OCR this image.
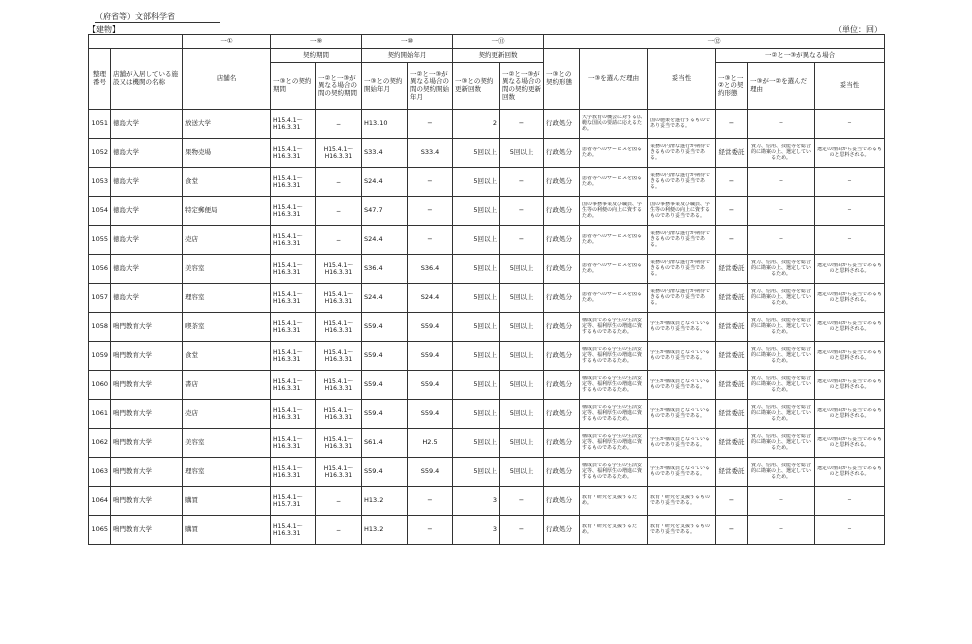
（府省等）文部科学省
【建物】	（単位：回）
		一①	一⑨		一⑩		一⑪		一⑫					
整理番号	店舗が入居している施設又は機関の名称	店舗名	契約期間		契約開始年月		契約更新回数		一③との契約形態	一③を選んだ理由	妥当性	一②と一③が異なる場合		
			一③との契約期間	一②と一③が異なる場合の間の契約期間	一③との契約開始年月	一②と一③が異なる場合の間の契約開始年月	一③との契約更新回数	一②と一③が異なる場合の間の契約更新回数				一③と一②との契約形態	一③が一②を選んだ理由	妥当性
1051	徳島大学	放送大学	H15.4.1〜H16.3.31	−	H13.10	−	2	−	行政処分	大学教育の機会に対する広範な国民の要請に応えるため。	国の施策を遂行するものであり妥当である。	−	−	−

1052	徳島大学	果物売場	H15.4.1〜H16.3.31	H15.4.1〜H16.3.31	S33.4	S33.4	5回以上	5回以上	行政処分	患者等へのサービスを図るため。	業務の円滑な遂行が期待できるものであり妥当である。	経営委託	資力、信用、技能等を総合的に勘案の上、選定しているため。	選定の理由から妥当であるものと思料される。

1053	徳島大学	食堂	H15.4.1〜H16.3.31	−	S24.4	−	5回以上	−	行政処分	患者等へのサービスを図るため。	業務の円滑な遂行が期待できるものであり妥当である。	−	−	−

1054	徳島大学	特定郵便局	H15.4.1〜H16.3.31	−	S47.7	−	5回以上	−	行政処分	国の事務事業及び職員、学生等の利便の向上に資するため。	国の事務事業及び職員、学生等の利便の向上に資するものであり妥当である。	−	−	−

1055	徳島大学	売店	H15.4.1〜H16.3.31	−	S24.4	−	5回以上	−	行政処分	患者等へのサービスを図るため。	業務の円滑な遂行が期待できるものであり妥当である。	−	−	−

1056	徳島大学	美容室	H15.4.1〜H16.3.31	H15.4.1〜H16.3.31	S36.4	S36.4	5回以上	5回以上	行政処分	患者等へのサービスを図るため。	業務の円滑な遂行が期待できるものであり妥当である。	経営委託	資力、信用、技能等を総合的に勘案の上、選定しているため。	選定の理由から妥当であるものと思料される。

1057	徳島大学	理容室	H15.4.1〜H16.3.31	H15.4.1〜H16.3.31	S24.4	S24.4	5回以上	5回以上	行政処分	患者等へのサービスを図るため。	業務の円滑な遂行が期待できるものであり妥当である。	経営委託	資力、信用、技能等を総合的に勘案の上、選定しているため。	選定の理由から妥当であるものと思料される。

1058	鳴門教育大学	喫茶室	H15.4.1〜H16.3.31	H15.4.1〜H16.3.31	S59.4	S59.4	5回以上	5回以上	行政処分	構成員である学生の生活安定等、福利厚生の増進に資するものであるため。	学生が構成員となっているものであり妥当である。	経営委託	資力、信用、技能等を総合的に勘案の上、選定しているため。	選定の理由から妥当であるものと思料される。

1059	鳴門教育大学	食堂	H15.4.1〜H16.3.31	H15.4.1〜H16.3.31	S59.4	S59.4	5回以上	5回以上	行政処分	構成員である学生の生活安定等、福利厚生の増進に資するものであるため。	学生が構成員となっているものであり妥当である。	経営委託	資力、信用、技能等を総合的に勘案の上、選定しているため。	選定の理由から妥当であるものと思料される。

1060	鳴門教育大学	書店	H15.4.1〜H16.3.31	H15.4.1〜H16.3.31	S59.4	S59.4	5回以上	5回以上	行政処分	構成員である学生の生活安定等、福利厚生の増進に資するものであるため。	学生が構成員となっているものであり妥当である。	経営委託	資力、信用、技能等を総合的に勘案の上、選定しているため。	選定の理由から妥当であるものと思料される。

1061	鳴門教育大学	売店	H15.4.1〜H16.3.31	H15.4.1〜H16.3.31	S59.4	S59.4	5回以上	5回以上	行政処分	構成員である学生の生活安定等、福利厚生の増進に資するものであるため。	学生が構成員となっているものであり妥当である。	経営委託	資力、信用、技能等を総合的に勘案の上、選定しているため。	選定の理由から妥当であるものと思料される。

1062	鳴門教育大学	美容室	H15.4.1〜H16.3.31	H15.4.1〜H16.3.31	S61.4	H2.5	5回以上	5回以上	行政処分	構成員である学生の生活安定等、福利厚生の増進に資するものであるため。	学生が構成員となっているものであり妥当である。	経営委託	資力、信用、技能等を総合的に勘案の上、選定しているため。	選定の理由から妥当であるものと思料される。

1063	鳴門教育大学	理容室	H15.4.1〜H16.3.31	H15.4.1〜H16.3.31	S59.4	S59.4	5回以上	5回以上	行政処分	構成員である学生の生活安定等、福利厚生の増進に資するものであるため。	学生が構成員となっているものであり妥当である。	経営委託	資力、信用、技能等を総合的に勘案の上、選定しているため。	選定の理由から妥当であるものと思料される。

1064	鳴門教育大学	購買	H15.4.1〜H15.7.31	−	H13.2	−	3	−	行政処分	教育・研究を支援するため。	教育・研究を支援するものであり妥当である。	−	−	−

1065	鳴門教育大学	購買	H15.4.1〜H16.3.31	−	H13.2	−	3	−	行政処分	教育・研究を支援するため。	教育・研究を支援するものであり妥当である。	−	−	−
